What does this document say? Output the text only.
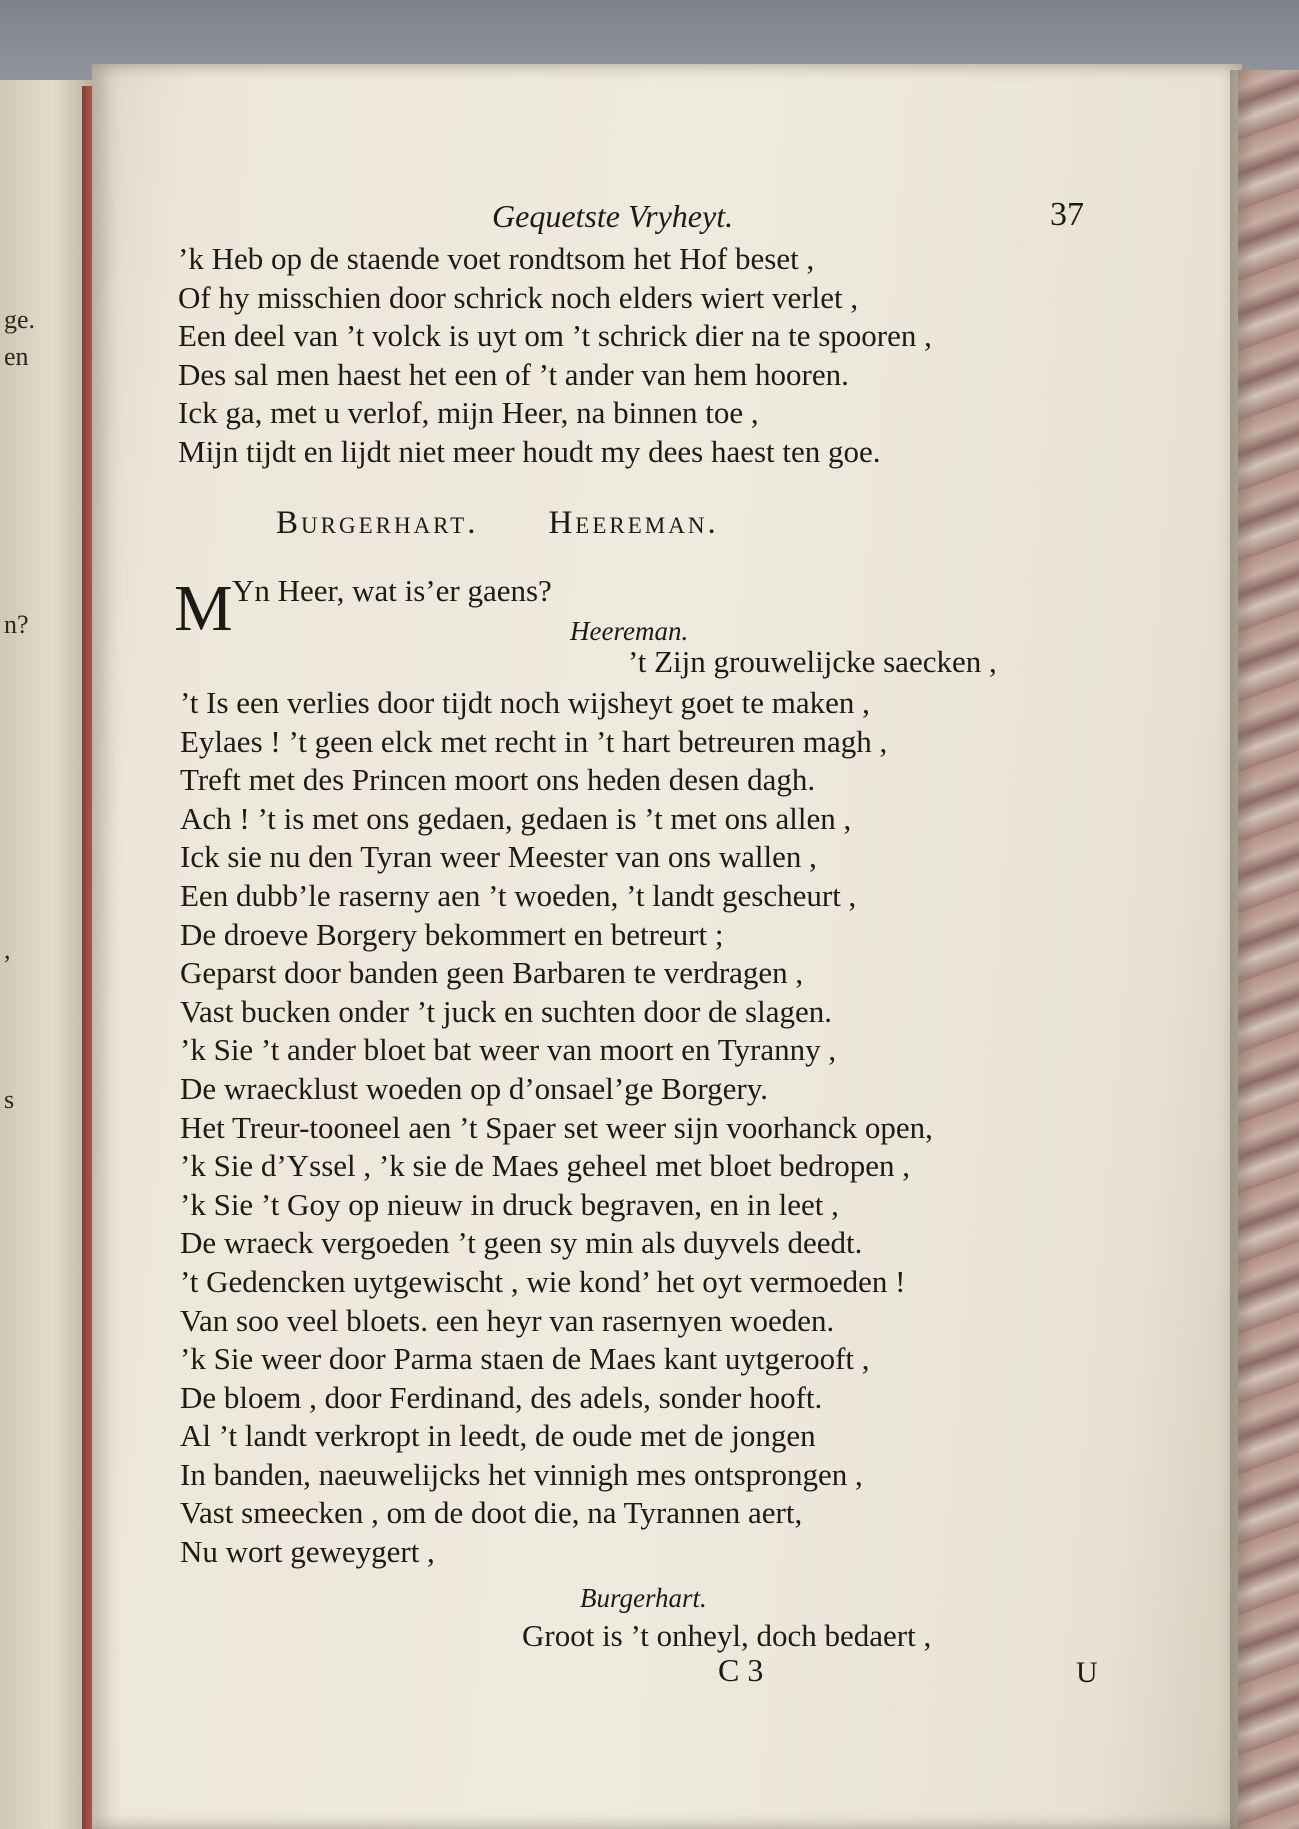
ge.
en
n?
,
s
Gequetste Vryheyt.	37
’k Heb op de staende voet rondtsom het Hof beset ,
Of hy misschien door schrick noch elders wiert verlet ,
Een deel van ’t volck is uyt om ’t schrick dier na te spooren ,
Des sal men haest het een of ’t ander van hem hooren.
Ick ga, met u verlof, mijn Heer, na binnen toe ,
Mijn tijdt en lijdt niet meer houdt my dees haest ten goe.
Burgerhart. Heereman.
M Yn Heer, wat is’er gaens?
Heereman.
’t Zijn grouwelijcke saecken ,
’t Is een verlies door tijdt noch wijsheyt goet te maken ,
Eylaes ! ’t geen elck met recht in ’t hart betreuren magh ,
Treft met des Princen moort ons heden desen dagh.
Ach ! ’t is met ons gedaen, gedaen is ’t met ons allen ,
Ick sie nu den Tyran weer Meester van ons wallen ,
Een dubb’le raserny aen ’t woeden, ’t landt gescheurt ,
De droeve Borgery bekommert en betreurt ;
Geparst door banden geen Barbaren te verdragen ,
Vast bucken onder ’t juck en suchten door de slagen.
’k Sie ’t ander bloet bat weer van moort en Tyranny ,
De wraecklust woeden op d’onsael’ge Borgery.
Het Treur-tooneel aen ’t Spaer set weer sijn voorhanck open,
’k Sie d’Yssel , ’k sie de Maes geheel met bloet bedropen ,
’k Sie ’t Goy op nieuw in druck begraven, en in leet ,
De wraeck vergoeden ’t geen sy min als duyvels deedt.
’t Gedencken uytgewischt , wie kond’ het oyt vermoeden !
Van soo veel bloets. een heyr van rasernyen woeden.
’k Sie weer door Parma staen de Maes kant uytgerooft ,
De bloem , door Ferdinand, des adels, sonder hooft.
Al ’t landt verkropt in leedt, de oude met de jongen
In banden, naeuwelijcks het vinnigh mes ontsprongen ,
Vast smeecken , om de doot die, na Tyrannen aert,
Nu wort geweygert ,
Burgerhart.
Groot is ’t onheyl, doch bedaert ,
C 3	U
